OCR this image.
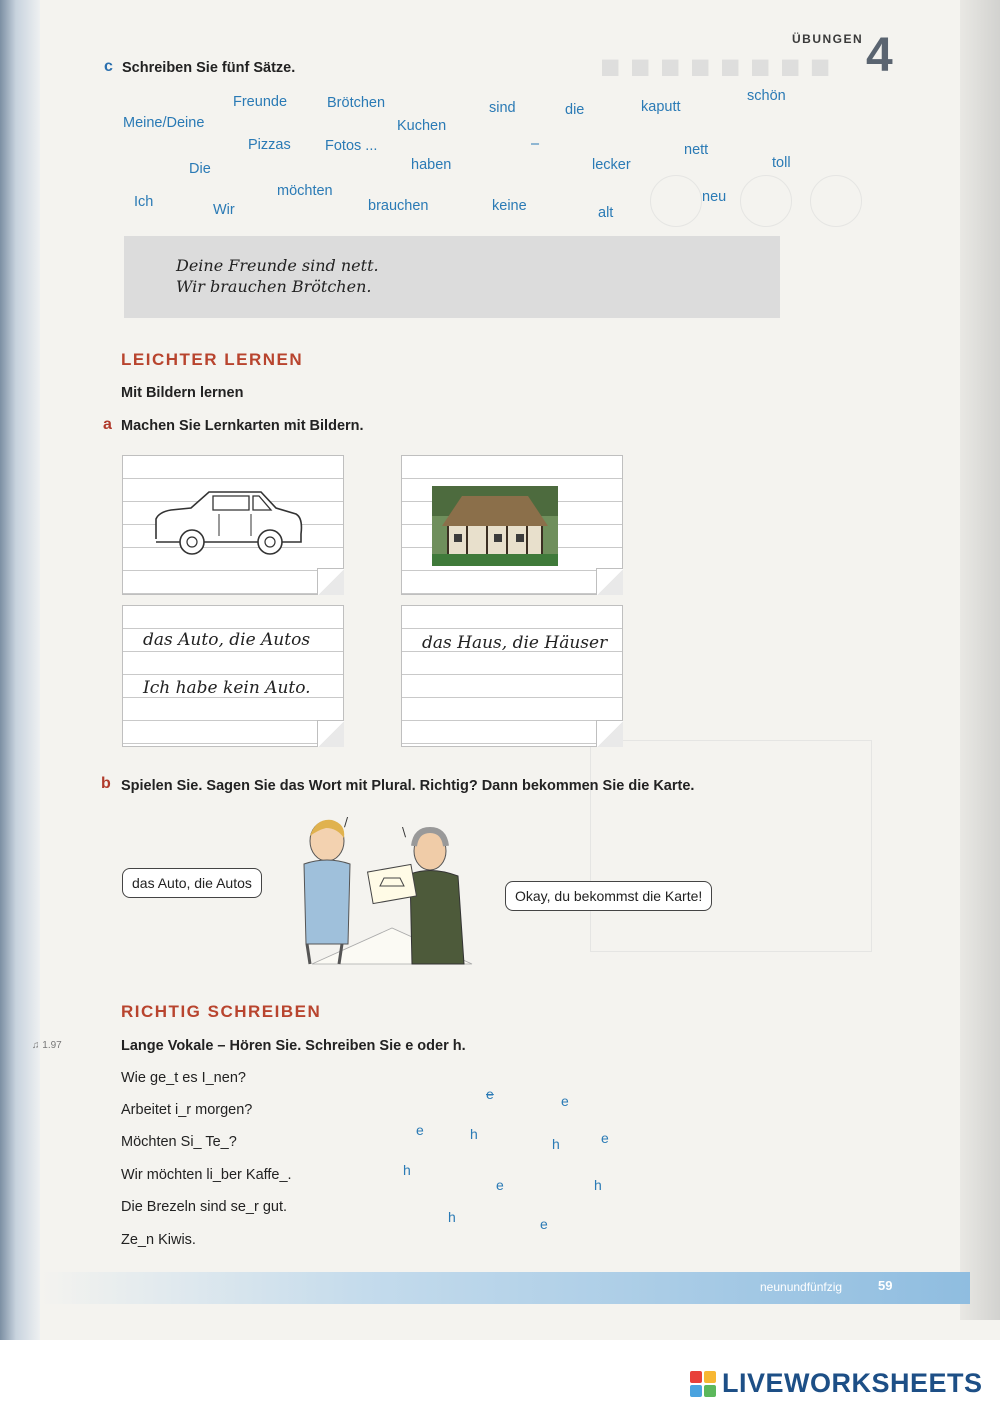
■ ■ ■ ■ ■ ■ ■ ■
ÜBUNGEN 4
c Schreiben Sie fünf Sätze.
Freunde	Brötchen	sind	die	kaputt
schön
Meine/Deine	Kuchen
Pizzas Fotos ...	–	nett
Die	haben	lecker	toll
möchten
Ich	neu
Wir	brauchen	keine	alt
Deine Freunde sind nett.
Wir brauchen Brötchen.
LEICHTER LERNEN
Mit Bildern lernen
a Machen Sie Lernkarten mit Bildern.
das Auto, die Autos
Ich habe kein Auto.
das Haus, die Häuser
b Spielen Sie. Sagen Sie das Wort mit Plural. Richtig? Dann bekommen Sie die Karte.
/
\
das Auto, die Autos
Okay, du bekommst die Karte!
RICHTIG SCHREIBEN
♫ 1.97	Lange Vokale – Hören Sie. Schreiben Sie e oder h.
Wie ge_t es I_nen?
Arbeitet i_r morgen?
Möchten Si_ Te_?
Wir möchten li_ber Kaffe_.
Die Brezeln sind se_r gut.
Ze_n Kiwis.
e	e
e	h
h	e
h
e	h
h	e
neunundfünfzig	59
LIVEWORKSHEETS
